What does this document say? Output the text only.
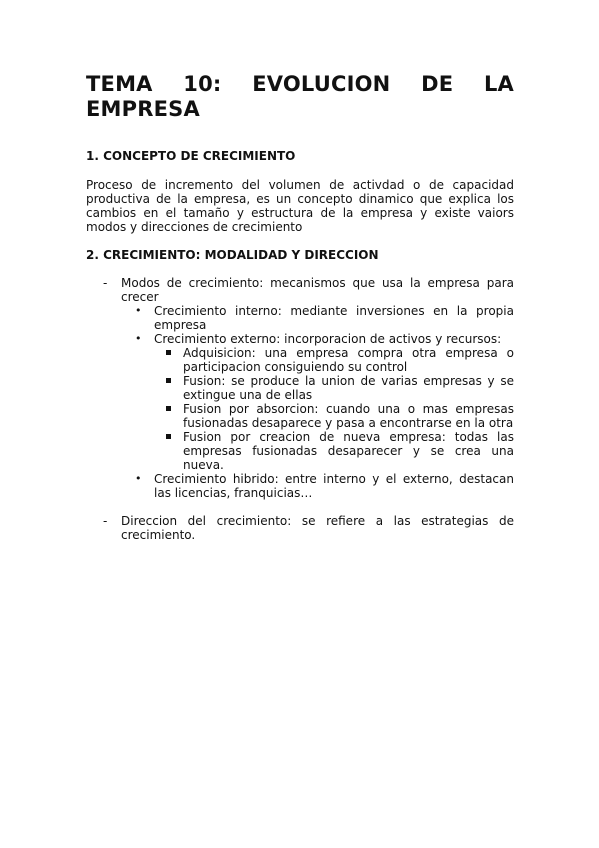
TEMA 10: EVOLUCION DE LA
EMPRESA
1. CONCEPTO DE CRECIMIENTO

Proceso de incremento del volumen de activdad o de capacidad productiva de la empresa, es un concepto dinamico que explica los cambios en el tamaño y estructura de la empresa y existe vaiors modos y direcciones de crecimiento

2. CRECIMIENTO: MODALIDAD Y DIRECCION
- Modos de crecimiento: mecanismos que usa la empresa para crecer
• Crecimiento interno: mediante inversiones en la propia empresa
• Crecimiento externo: incorporacion de activos y recursos:
Adquisicion: una empresa compra otra empresa o participacion consiguiendo su control
Fusion: se produce la union de varias empresas y se extingue una de ellas
Fusion por absorcion: cuando una o mas empresas fusionadas desaparece y pasa a encontrarse en la otra
Fusion por creacion de nueva empresa: todas las empresas fusionadas desaparecer y se crea una nueva.
• Crecimiento hibrido: entre interno y el externo, destacan las licencias, franquicias…
- Direccion del crecimiento: se refiere a las estrategias de crecimiento.
